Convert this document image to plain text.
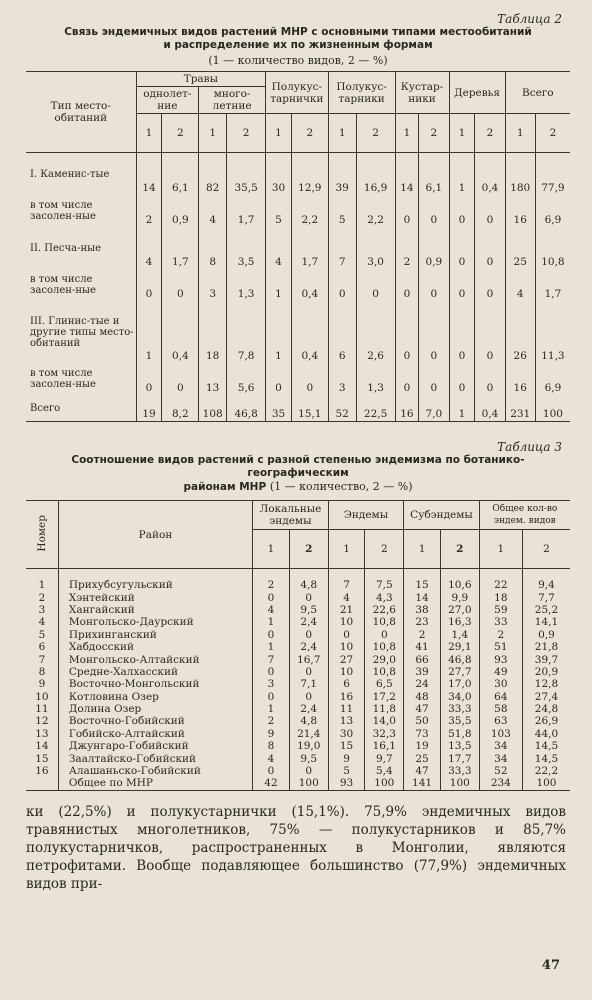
Таблица 2
Связь эндемичных видов растений МНР с основными типами местообитаний
и распределение их по жизненным формам
(1 — количество видов, 2 — %)
Тип место-обитаний	Травы				Полукус-тарнички		Полукус-тарники		Кустар-ники		Деревья		Всего	
	однолет-ние		много-летние											
	1	2	1	2	1	2	1	2	1	2	1	2	1	2
I. Каменис-тые	14	6,1	82	35,5	30	12,9	39	16,9	14	6,1	1	0,4	180	77,9
в том числе засолен-ные	2	0,9	4	1,7	5	2,2	5	2,2	0	0	0	0	16	6,9
II. Песча-ные	4	1,7	8	3,5	4	1,7	7	3,0	2	0,9	0	0	25	10,8
в том числе засолен-ные	0	0	3	1,3	1	0,4	0	0	0	0	0	0	4	1,7
III. Глинис-тые и другие типы место-обитаний	1	0,4	18	7,8	1	0,4	6	2,6	0	0	0	0	26	11,3
в том числе засолен-ные	0	0	13	5,6	0	0	3	1,3	0	0	0	0	16	6,9
Всего	19	8,2	108	46,8	35	15,1	52	22,5	16	7,0	1	0,4	231	100
Таблица 3
Соотношение видов растений с разной степенью эндемизма по ботанико-географическим
районам МНР (1 — количество, 2 — %)
Номер	Район	Локальные эндемы		Эндемы		Субэндемы		Общее кол-во эндем. видов	
		1	2	1	2	1	2	1	2

1	Прихубсугульский	2	4,8	7	7,5	15	10,6	22	9,4
2	Хэнтейский	0	0	4	4,3	14	9,9	18	7,7
3	Хангайский	4	9,5	21	22,6	38	27,0	59	25,2
4	Монгольско-Даурский	1	2,4	10	10,8	23	16,3	33	14,1
5	Прихинганский	0	0	0	0	2	1,4	2	0,9
6	Хабдосский	1	2,4	10	10,8	41	29,1	51	21,8
7	Монгольско-Алтайский	7	16,7	27	29,0	66	46,8	93	39,7
8	Средне-Халхасский	0	0	10	10,8	39	27,7	49	20,9
9	Восточно-Монгольский	3	7,1	6	6,5	24	17,0	30	12,8
10	Котловина Озер	0	0	16	17,2	48	34,0	64	27,4
11	Долина Озер	1	2,4	11	11,8	47	33,3	58	24,8
12	Восточно-Гобийский	2	4,8	13	14,0	50	35,5	63	26,9
13	Гобийско-Алтайский	9	21,4	30	32,3	73	51,8	103	44,0
14	Джунгаро-Гобийский	8	19,0	15	16,1	19	13,5	34	14,5
15	Заалтайско-Гобийский	4	9,5	9	9,7	25	17,7	34	14,5
16	Алашаньско-Гобийский	0	0	5	5,4	47	33,3	52	22,2
	Общее по МНР	42	100	93	100	141	100	234	100
ки (22,5%) и полукустарнички (15,1%). 75,9% эндемичных видов травянистых многолетников, 75% — полукустарников и 85,7% полукустарничков, распространенных в Монголии, являются петрофитами. Вообще подавляющее большинство (77,9%) эндемичных видов при-
47
